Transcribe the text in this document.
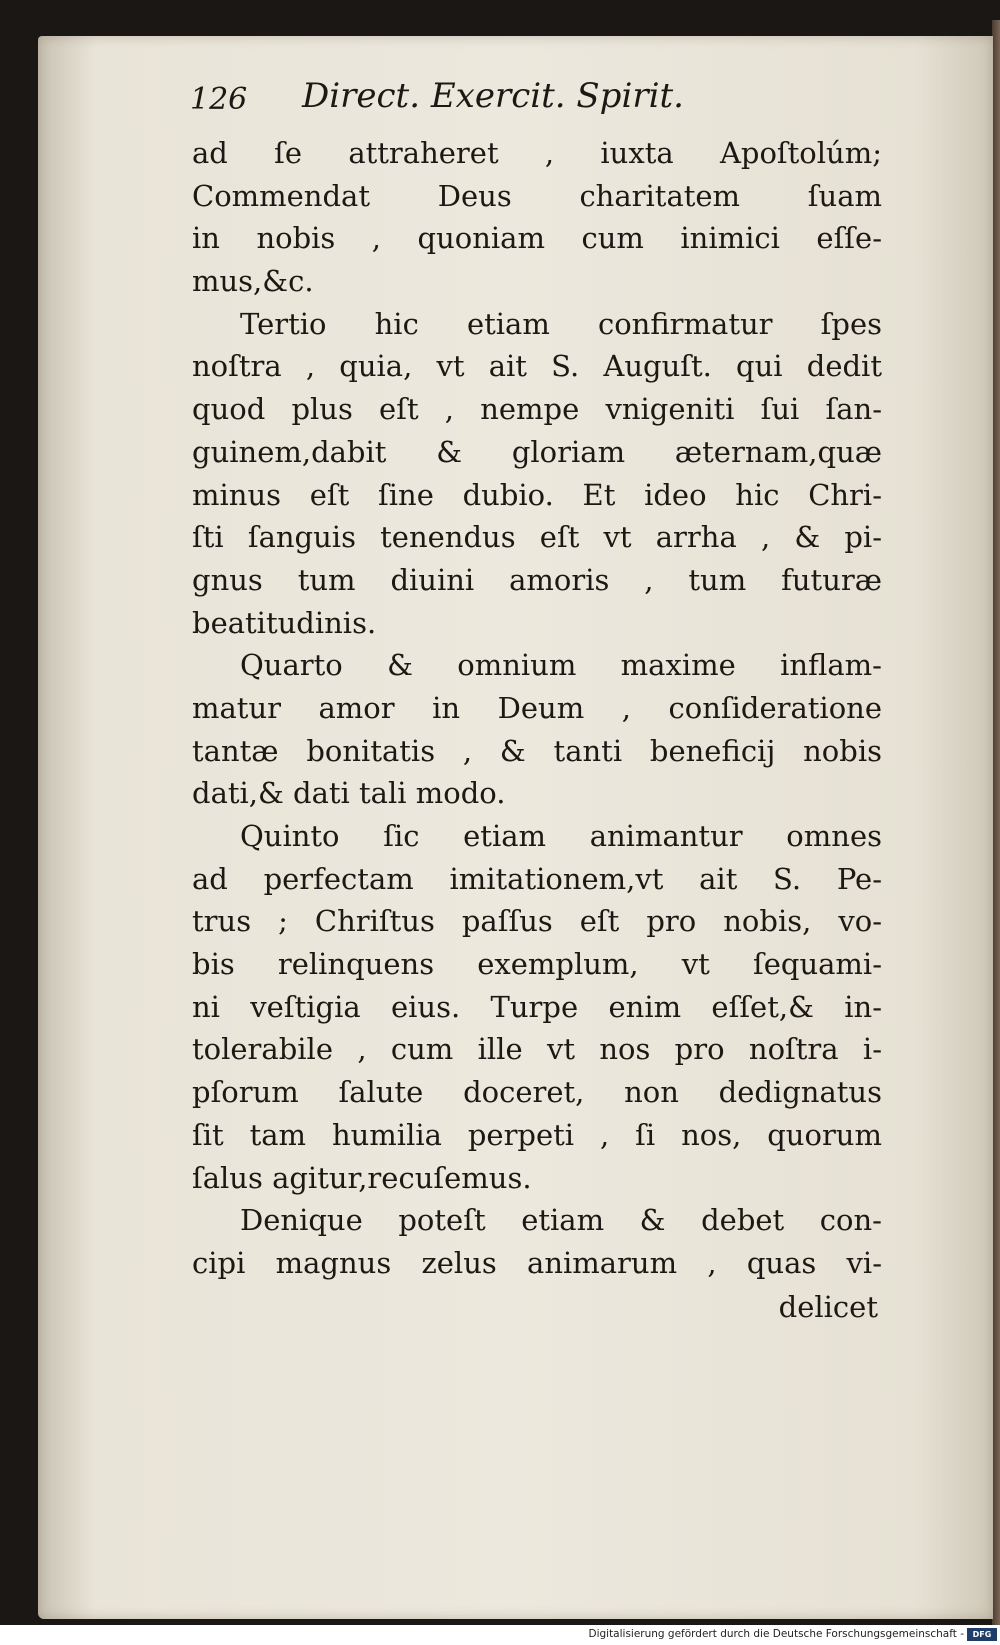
126 Direct. Exercit. Spirit.
ad ſe attraheret , iuxta Apoſtolúm;
Commendat Deus charitatem ſuam
in nobis , quoniam cum inimici eſſe-
mus,&c.
Tertio hic etiam confirmatur ſpes
noſtra , quia, vt ait S. Auguſt. qui dedit
quod plus eſt , nempe vnigeniti ſui ſan-
guinem,dabit & gloriam æternam,quæ
minus eſt ſine dubio. Et ideo hic Chri-
ſti ſanguis tenendus eſt vt arrha , & pi-
gnus tum diuini amoris , tum futuræ
beatitudinis.
Quarto & omnium maxime inflam-
matur amor in Deum , conſideratione
tantæ bonitatis , & tanti beneficij nobis
dati,& dati tali modo.
Quinto ſic etiam animantur omnes
ad perfectam imitationem,vt ait S. Pe-
trus ; Chriſtus paſſus eſt pro nobis, vo-
bis relinquens exemplum, vt ſequami-
ni veſtigia eius. Turpe enim eſſet,& in-
tolerabile , cum ille vt nos pro noſtra i-
pſorum ſalute doceret, non dedignatus
ſit tam humilia perpeti , ſi nos, quorum
ſalus agitur,recuſemus.
Denique poteſt etiam & debet con-
cipi magnus zelus animarum , quas vi-
delicet
Digitalisierung gefördert durch die Deutsche Forschungsgemeinschaft -	DFG
